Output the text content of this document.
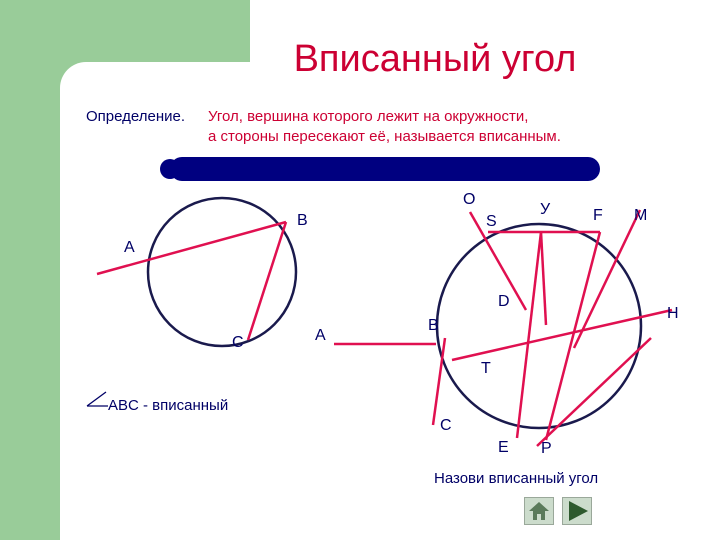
Вписанный угол
Определение. Угол, вершина которого лежит на окружности,
а стороны пересекают её, называется вписанным.
A
B
C
ABC - вписанный
O
S
У	F M
A
B
D
H
T
C
E P
Назови вписанный угол
